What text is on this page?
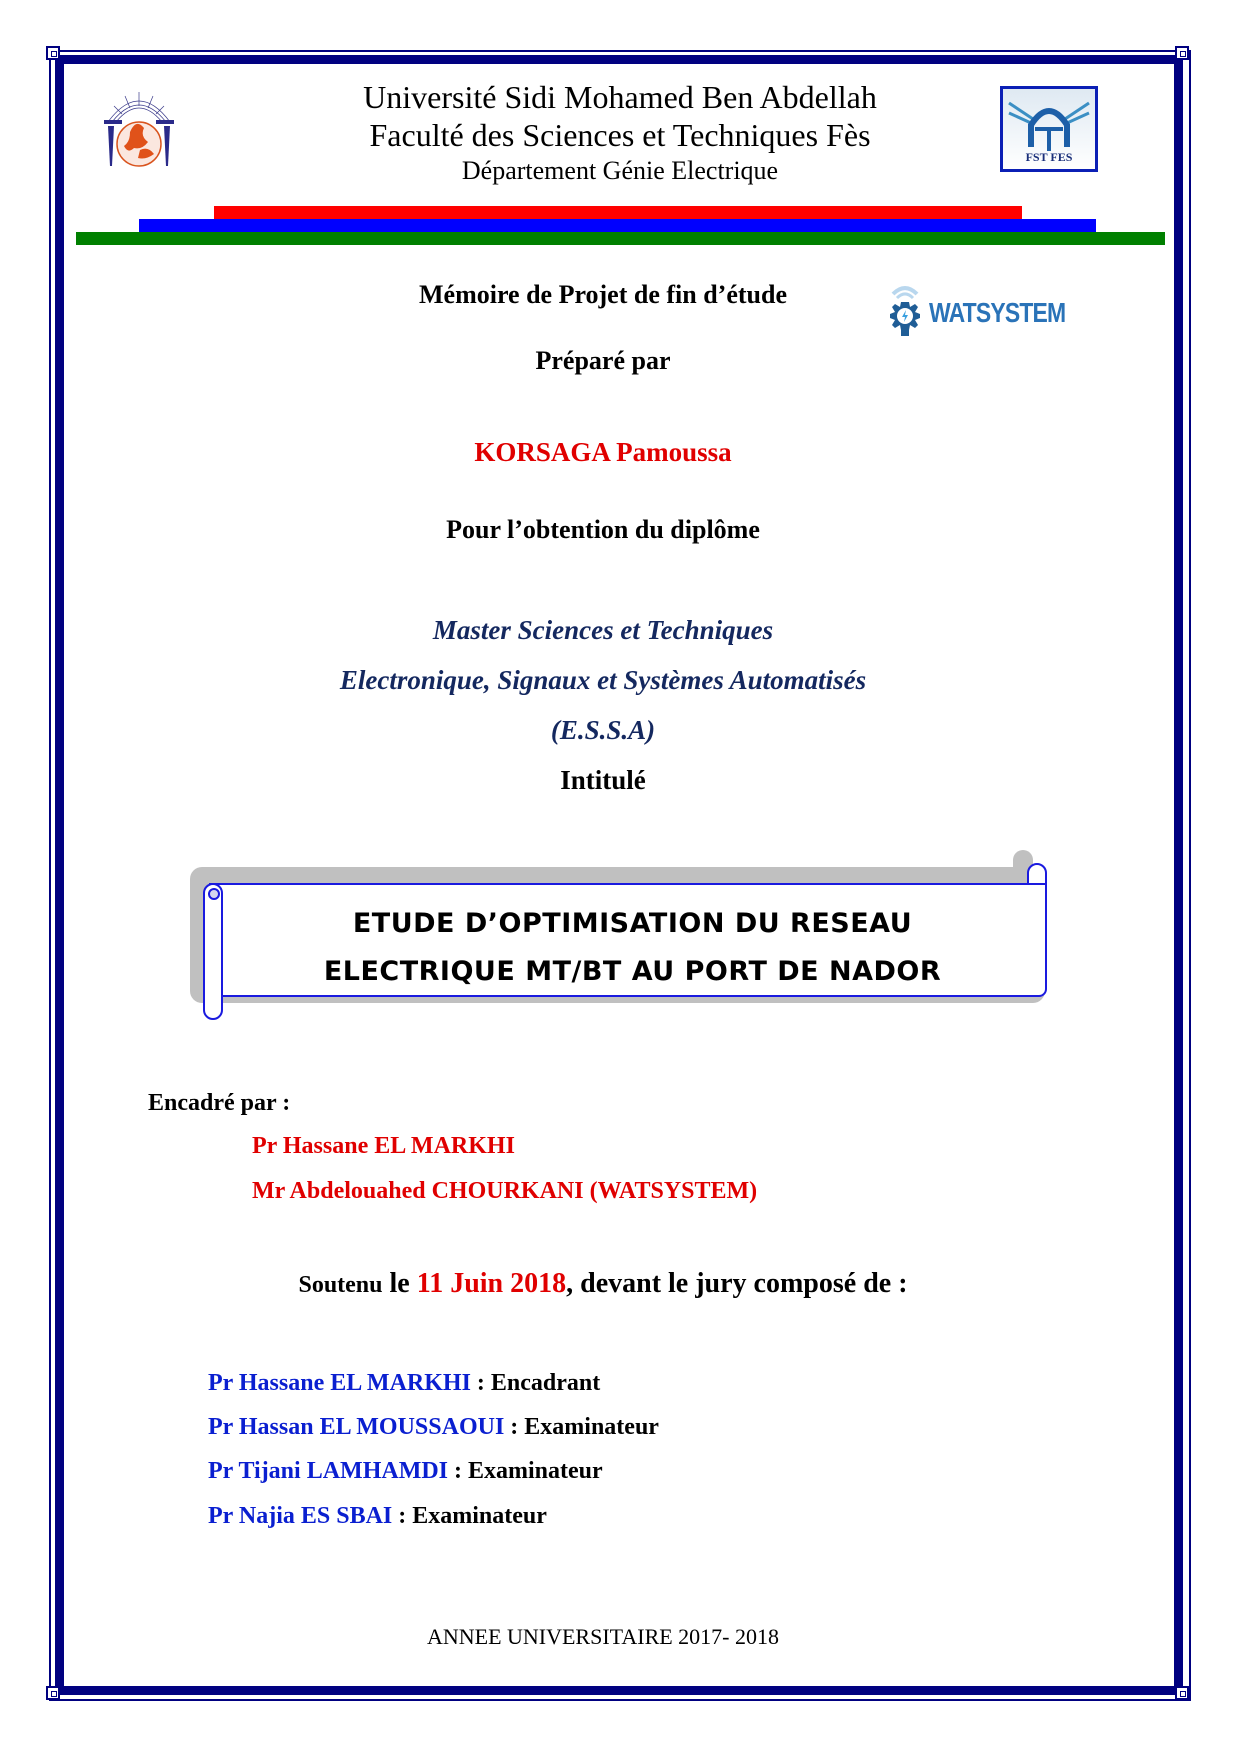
Université Sidi Mohamed Ben Abdellah
Faculté des Sciences et Techniques Fès
Département Génie Electrique	FST FES
Mémoire de Projet de fin d’étude
Préparé par
WATSYSTEM
KORSAGA Pamoussa
Pour l’obtention du diplôme
Master Sciences et Techniques
Electronique, Signaux et Systèmes Automatisés
(E.S.S.A)
Intitulé
ETUDE D’OPTIMISATION DU RESEAU
ELECTRIQUE MT/BT AU PORT DE NADOR
Encadré par :
Pr Hassane EL MARKHI
Mr Abdelouahed CHOURKANI (WATSYSTEM)
Soutenu le 11 Juin 2018, devant le jury composé de :
Pr Hassane EL MARKHI : Encadrant
Pr Hassan EL MOUSSAOUI : Examinateur
Pr Tijani LAMHAMDI : Examinateur
Pr Najia ES SBAI : Examinateur
ANNEE UNIVERSITAIRE 2017- 2018
